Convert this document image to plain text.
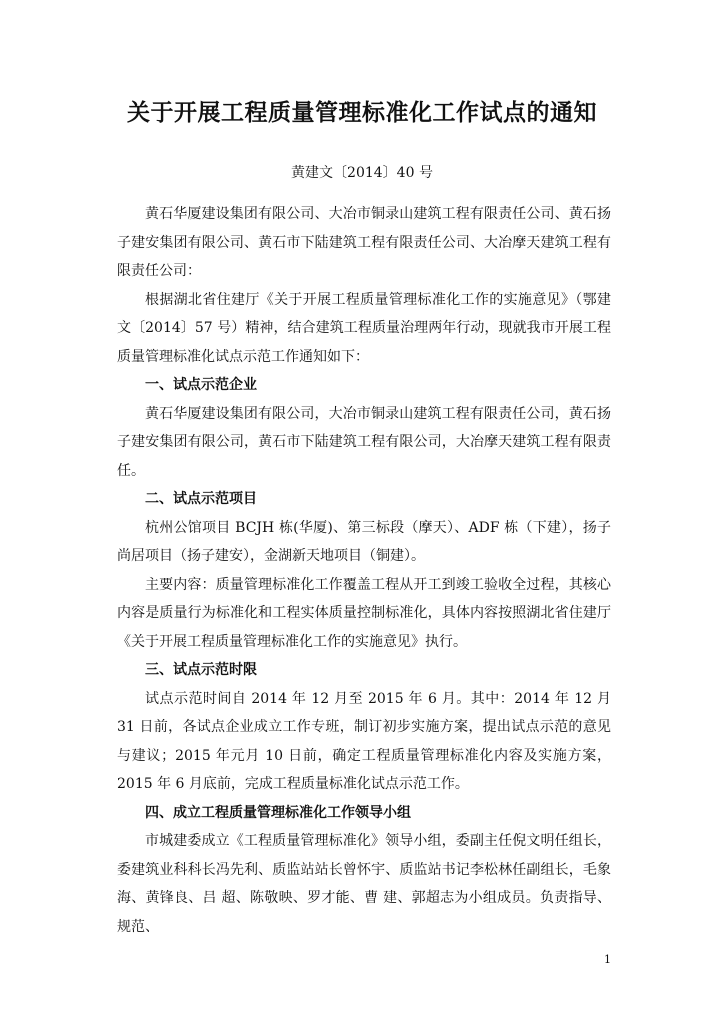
关于开展工程质量管理标准化工作试点的通知
黄建文〔2014〕40 号

黄石华厦建设集团有限公司、大冶市铜录山建筑工程有限责任公司、黄石扬子建安集团有限公司、黄石市下陆建筑工程有限责任公司、大冶摩天建筑工程有限责任公司：

根据湖北省住建厅《关于开展工程质量管理标准化工作的实施意见》（鄂建文〔2014〕57 号）精神，结合建筑工程质量治理两年行动，现就我市开展工程质量管理标准化试点示范工作通知如下：

一、试点示范企业

黄石华厦建设集团有限公司，大冶市铜录山建筑工程有限责任公司，黄石扬子建安集团有限公司，黄石市下陆建筑工程有限公司，大冶摩天建筑工程有限责任。

二、试点示范项目

杭州公馆项目 BCJH 栋(华厦)、第三标段（摩天）、ADF 栋（下建），扬子尚居项目（扬子建安），金湖新天地项目（铜建）。

主要内容：质量管理标准化工作覆盖工程从开工到竣工验收全过程，其核心内容是质量行为标准化和工程实体质量控制标准化，具体内容按照湖北省住建厅《关于开展工程质量管理标准化工作的实施意见》执行。

三、试点示范时限

试点示范时间自 2014 年 12 月至 2015 年 6 月。其中：2014 年 12 月 31 日前，各试点企业成立工作专班，制订初步实施方案，提出试点示范的意见与建议；2015 年元月 10 日前，确定工程质量管理标准化内容及实施方案，2015 年 6 月底前，完成工程质量标准化试点示范工作。

四、成立工程质量管理标准化工作领导小组

市城建委成立《工程质量管理标准化》领导小组，委副主任倪文明任组长，委建筑业科科长冯先利、质监站站长曾怀宇、质监站书记李松林任副组长，毛象海、黄锋良、吕 超、陈敬映、罗才能、曹 建、郭超志为小组成员。负责指导、规范、

1
